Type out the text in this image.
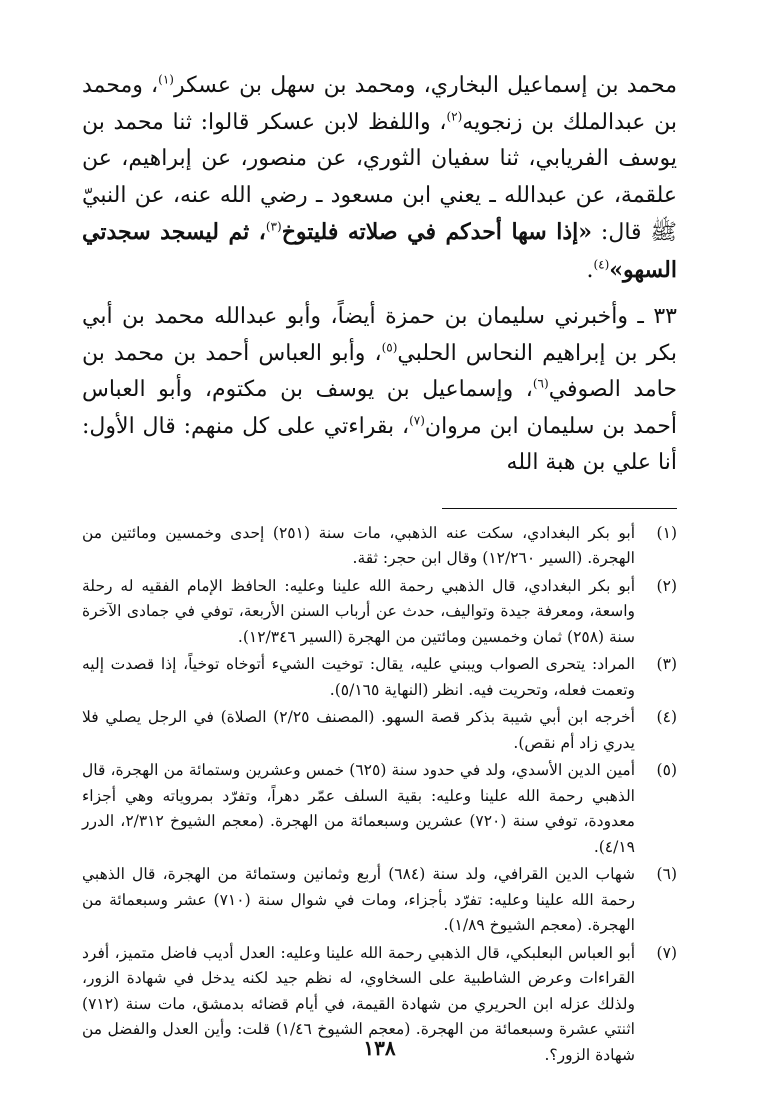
محمد بن إسماعيل البخاري، ومحمد بن سهل بن عسكر$^{(١)}$، ومحمد بن عبدالملك بن زنجويه$^{(٢)}$، واللفظ لابن عسكر قالوا: ثنا محمد بن يوسف الفريابي، ثنا سفيان الثوري، عن منصور، عن إبراهيم، عن علقمة، عن عبدالله ـ يعني ابن مسعود ـ رضي الله عنه، عن النبيّ ﷺ قال: «إذا سها أحدكم في صلاته فليتوخ$^{(٣)}$، ثم ليسجد سجدتي السهو»$^{(٤)}$.

٣٣ ـ وأخبرني سليمان بن حمزة أيضاً، وأبو عبدالله محمد بن أبي بكر بن إبراهيم النحاس الحلبي$^{(٥)}$، وأبو العباس أحمد بن محمد بن حامد الصوفي$^{(٦)}$، وإسماعيل بن يوسف بن مكتوم، وأبو العباس أحمد بن سليمان ابن مروان$^{(٧)}$، بقراءتي على كل منهم: قال الأول: أنا علي بن هبة الله

(١)
أبو بكر البغدادي، سكت عنه الذهبي، مات سنة (٢٥١) إحدى وخمسين ومائتين من الهجرة. (السير ١٢/٢٦٠) وقال ابن حجر: ثقة.
(٢)
أبو بكر البغدادي، قال الذهبي رحمة الله علينا وعليه: الحافظ الإمام الفقيه له رحلة واسعة، ومعرفة جيدة وتواليف، حدث عن أرباب السنن الأربعة، توفي في جمادى الآخرة سنة (٢٥٨) ثمان وخمسين ومائتين من الهجرة (السير ١٢/٣٤٦).
(٣)
المراد: يتحرى الصواب ويبني عليه، يقال: توخيت الشيء أتوخاه توخياً، إذا قصدت إليه وتعمت فعله، وتحريت فيه. انظر (النهاية ٥/١٦٥).
(٤)
أخرجه ابن أبي شيبة بذكر قصة السهو. (المصنف ٢/٢٥) الصلاة) في الرجل يصلي فلا يدري زاد أم نقص).
(٥)
أمين الدين الأسدي، ولد في حدود سنة (٦٢٥) خمس وعشرين وستمائة من الهجرة، قال الذهبي رحمة الله علينا وعليه: بقية السلف عمّر دهراً، وتفرّد بمروياته وهي أجزاء معدودة، توفي سنة (٧٢٠) عشرين وسبعمائة من الهجرة. (معجم الشيوخ ٢/٣١٢، الدرر ٤/١٩).
(٦)
شهاب الدين القرافي، ولد سنة (٦٨٤) أربع وثمانين وستمائة من الهجرة، قال الذهبي رحمة الله علينا وعليه: تفرّد بأجزاء، ومات في شوال سنة (٧١٠) عشر وسبعمائة من الهجرة. (معجم الشيوخ ١/٨٩).
(٧)
أبو العباس البعلبكي، قال الذهبي رحمة الله علينا وعليه: العدل أديب فاضل متميز، أفرد القراءات وعرض الشاطبية على السخاوي، له نظم جيد لكنه يدخل في شهادة الزور، ولذلك عزله ابن الحريري من شهادة القيمة، في أيام قضائه بدمشق، مات سنة (٧١٢) اثنتي عشرة وسبعمائة من الهجرة. (معجم الشيوخ ١/٤٦) قلت: وأين العدل والفضل من شهادة الزور؟.
١٣٨
